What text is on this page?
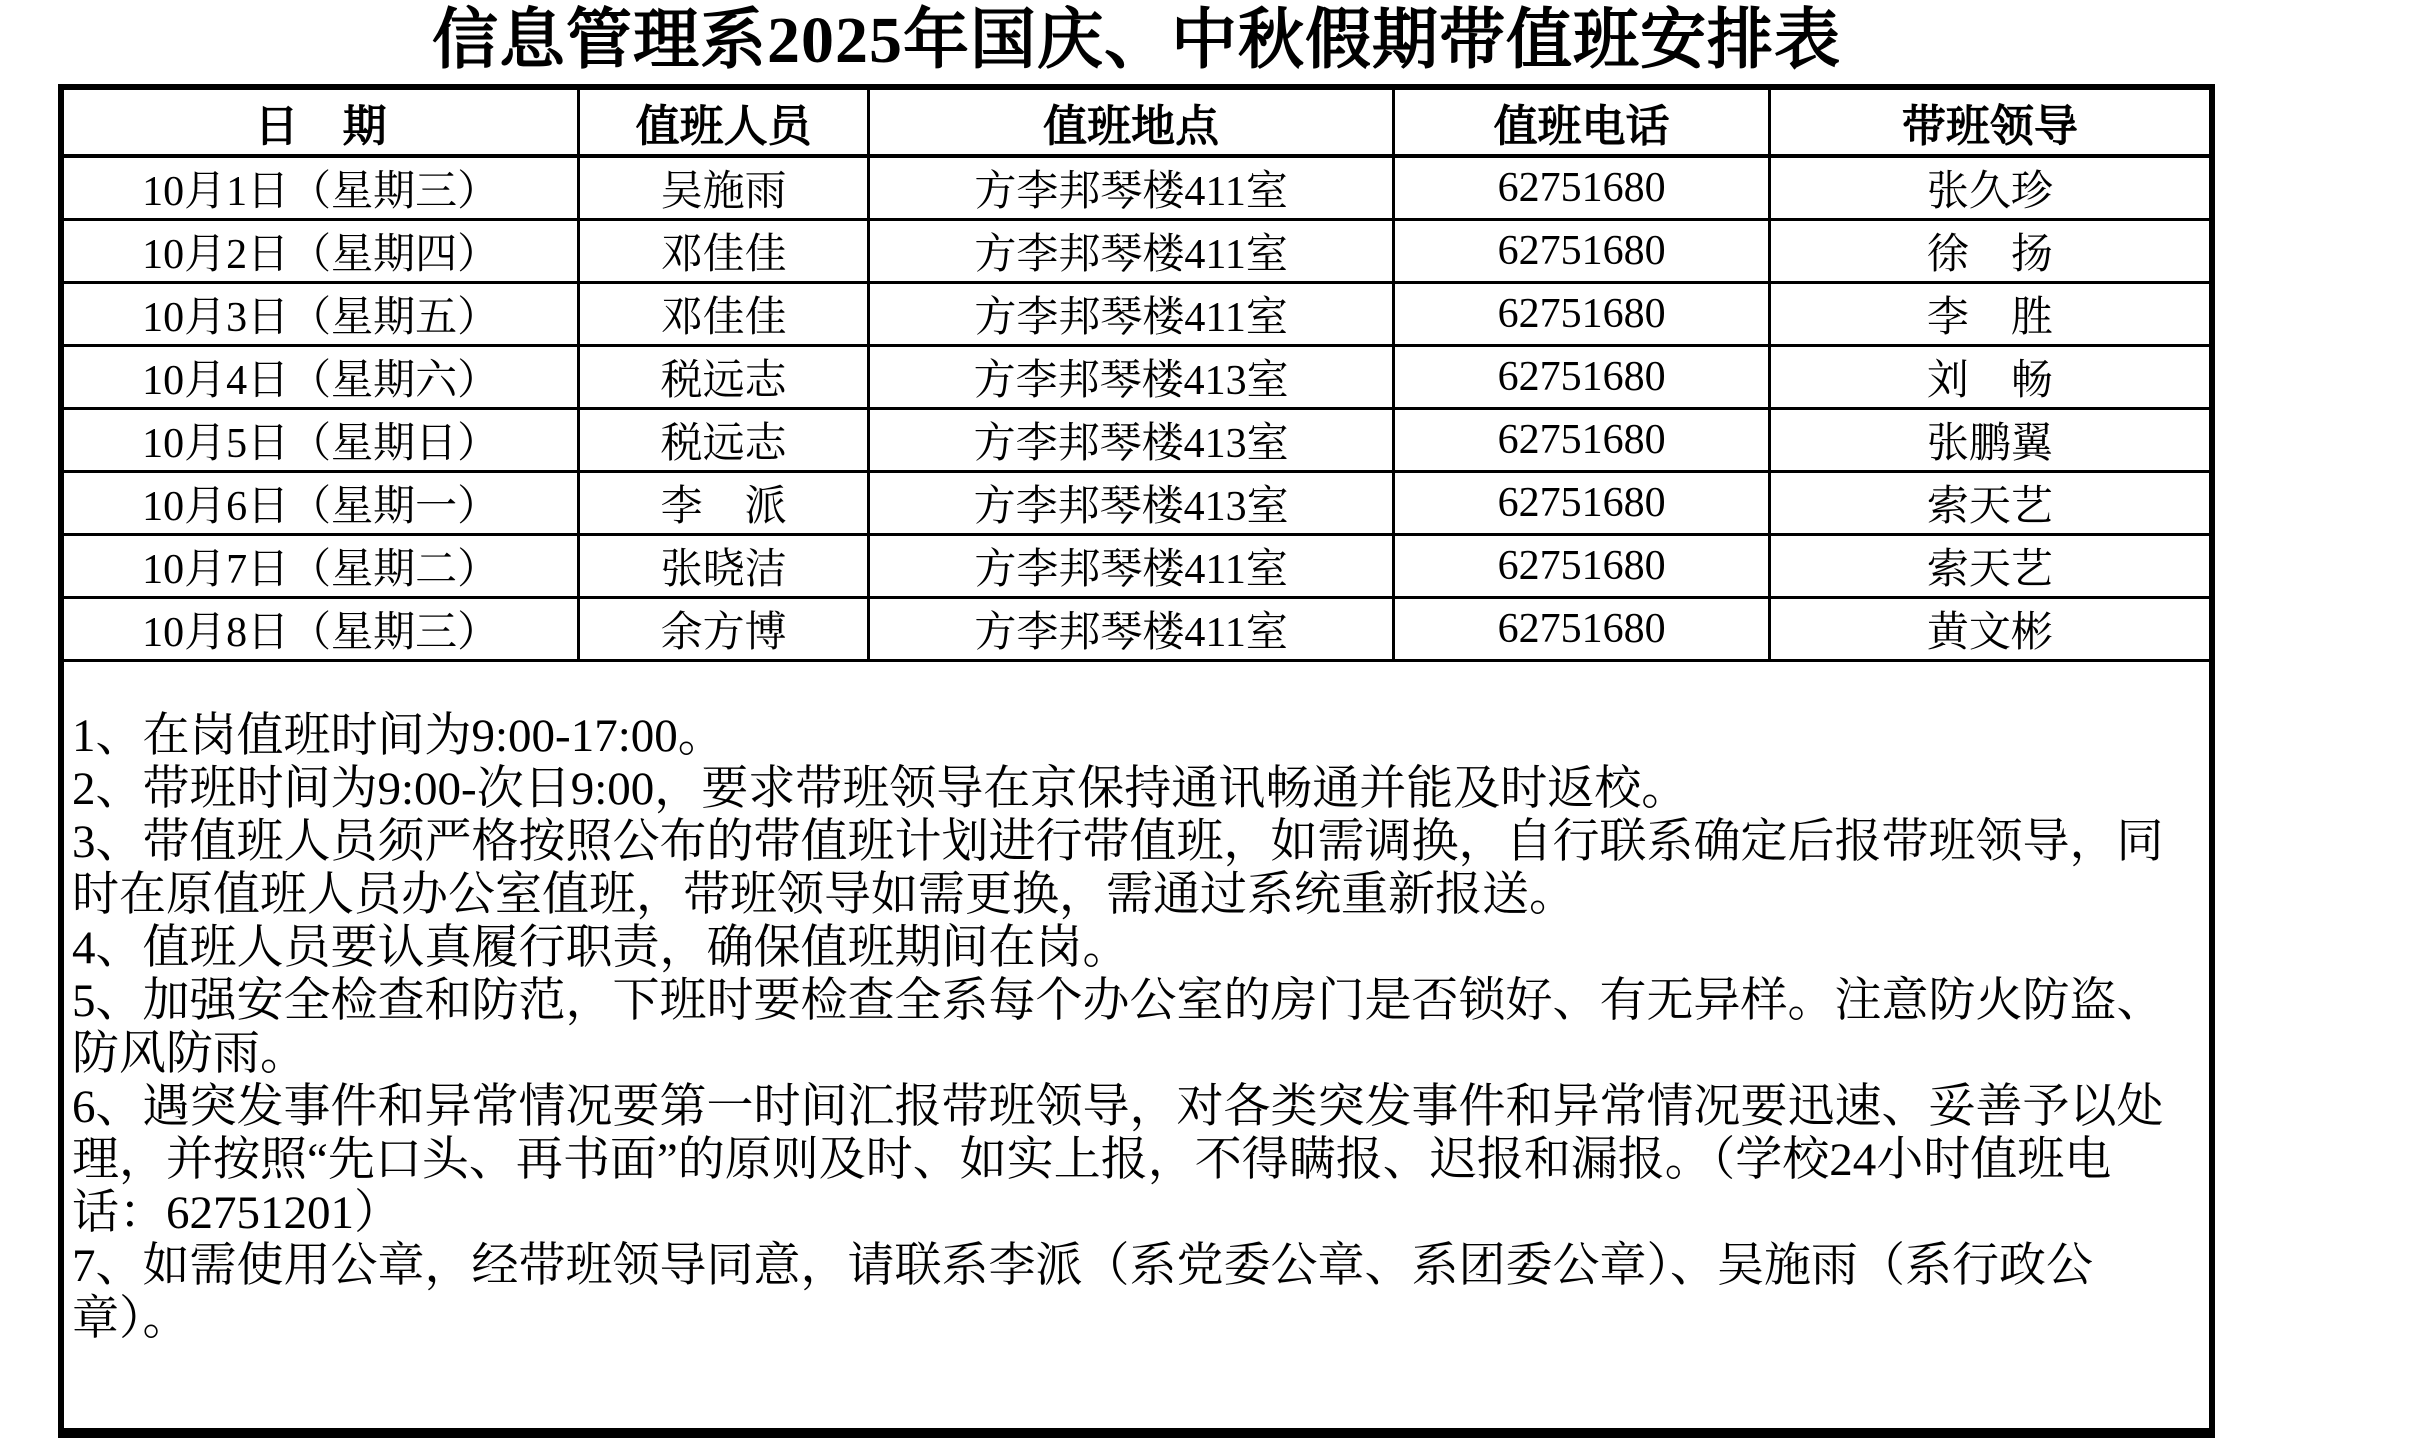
信息管理系2025年国庆、中秋假期带值班安排表
日　期	值班人员	值班地点	值班电话	带班领导
10月1日（星期三）	吴施雨	方李邦琴楼411室	62751680	张久珍
10月2日（星期四）	邓佳佳	方李邦琴楼411室	62751680	徐　扬
10月3日（星期五）	邓佳佳	方李邦琴楼411室	62751680	李　胜
10月4日（星期六）	税远志	方李邦琴楼413室	62751680	刘　畅
10月5日（星期日）	税远志	方李邦琴楼413室	62751680	张鹏翼
10月6日（星期一）	李　派	方李邦琴楼413室	62751680	索天艺
10月7日（星期二）	张晓洁	方李邦琴楼411室	62751680	索天艺
10月8日（星期三）	余方博	方李邦琴楼411室	62751680	黄文彬
1、在岗值班时间为9:00-17:00。
2、带班时间为9:00-次日9:00，要求带班领导在京保持通讯畅通并能及时返校。
3、带值班人员须严格按照公布的带值班计划进行带值班，如需调换，自行联系确定后报带班领导，同时在原值班人员办公室值班，带班领导如需更换，需通过系统重新报送。
4、值班人员要认真履行职责，确保值班期间在岗。
5、加强安全检查和防范，下班时要检查全系每个办公室的房门是否锁好、有无异样。注意防火防盗、防风防雨。
6、遇突发事件和异常情况要第一时间汇报带班领导，对各类突发事件和异常情况要迅速、妥善予以处理，并按照“先口头、再书面”的原则及时、如实上报，不得瞒报、迟报和漏报。（学校24小时值班电话：62751201）
7、如需使用公章，经带班领导同意，请联系李派（系党委公章、系团委公章）、吴施雨（系行政公章）。
